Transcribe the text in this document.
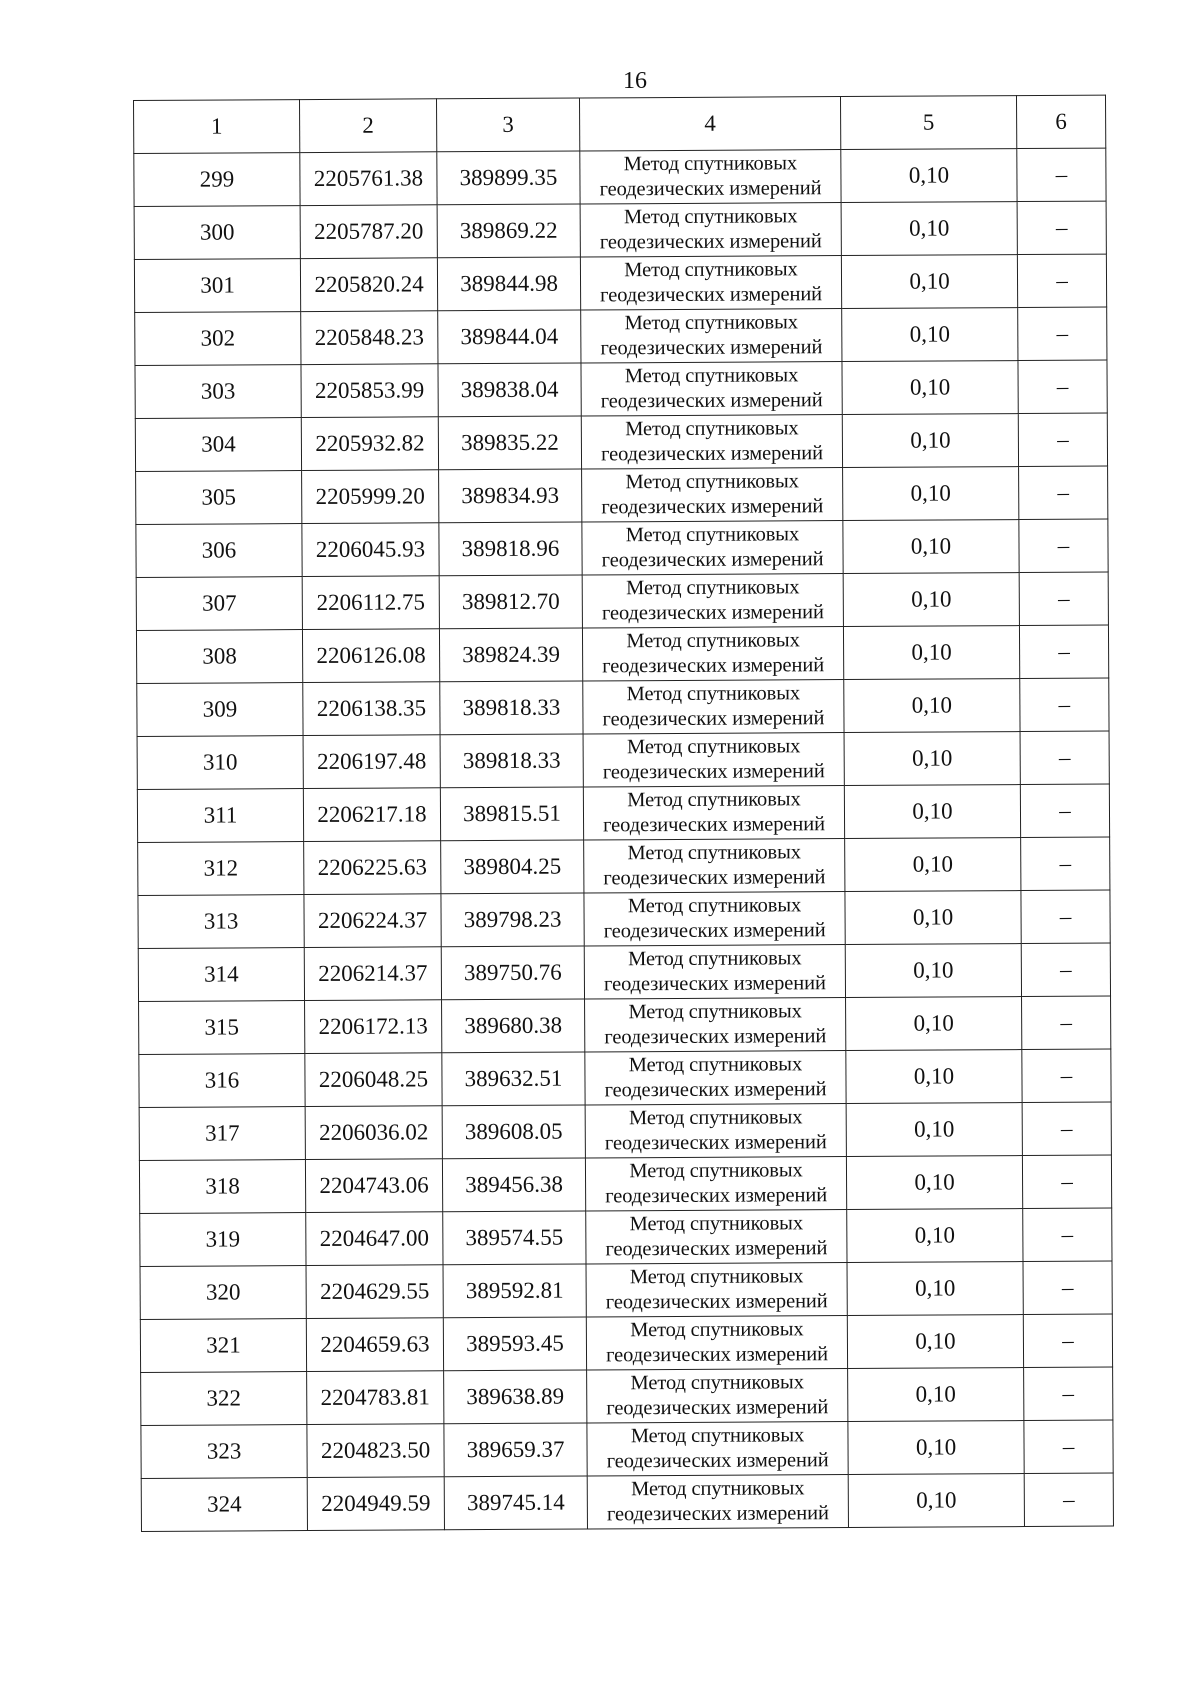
16
1	2	3	4	5	6
299	2205761.38	389899.35	Метод спутниковых
геодезических измерений	0,10	–
300	2205787.20	389869.22	Метод спутниковых
геодезических измерений	0,10	–
301	2205820.24	389844.98	Метод спутниковых
геодезических измерений	0,10	–
302	2205848.23	389844.04	Метод спутниковых
геодезических измерений	0,10	–
303	2205853.99	389838.04	Метод спутниковых
геодезических измерений	0,10	–
304	2205932.82	389835.22	Метод спутниковых
геодезических измерений	0,10	–
305	2205999.20	389834.93	Метод спутниковых
геодезических измерений	0,10	–
306	2206045.93	389818.96	Метод спутниковых
геодезических измерений	0,10	–
307	2206112.75	389812.70	Метод спутниковых
геодезических измерений	0,10	–
308	2206126.08	389824.39	Метод спутниковых
геодезических измерений	0,10	–
309	2206138.35	389818.33	Метод спутниковых
геодезических измерений	0,10	–
310	2206197.48	389818.33	Метод спутниковых
геодезических измерений	0,10	–
311	2206217.18	389815.51	Метод спутниковых
геодезических измерений	0,10	–
312	2206225.63	389804.25	Метод спутниковых
геодезических измерений	0,10	–
313	2206224.37	389798.23	Метод спутниковых
геодезических измерений	0,10	–
314	2206214.37	389750.76	Метод спутниковых
геодезических измерений	0,10	–
315	2206172.13	389680.38	Метод спутниковых
геодезических измерений	0,10	–
316	2206048.25	389632.51	Метод спутниковых
геодезических измерений	0,10	–
317	2206036.02	389608.05	Метод спутниковых
геодезических измерений	0,10	–
318	2204743.06	389456.38	Метод спутниковых
геодезических измерений	0,10	–
319	2204647.00	389574.55	Метод спутниковых
геодезических измерений	0,10	–
320	2204629.55	389592.81	Метод спутниковых
геодезических измерений	0,10	–
321	2204659.63	389593.45	Метод спутниковых
геодезических измерений	0,10	–
322	2204783.81	389638.89	Метод спутниковых
геодезических измерений	0,10	–
323	2204823.50	389659.37	Метод спутниковых
геодезических измерений	0,10	–
324	2204949.59	389745.14	Метод спутниковых
геодезических измерений	0,10	–
